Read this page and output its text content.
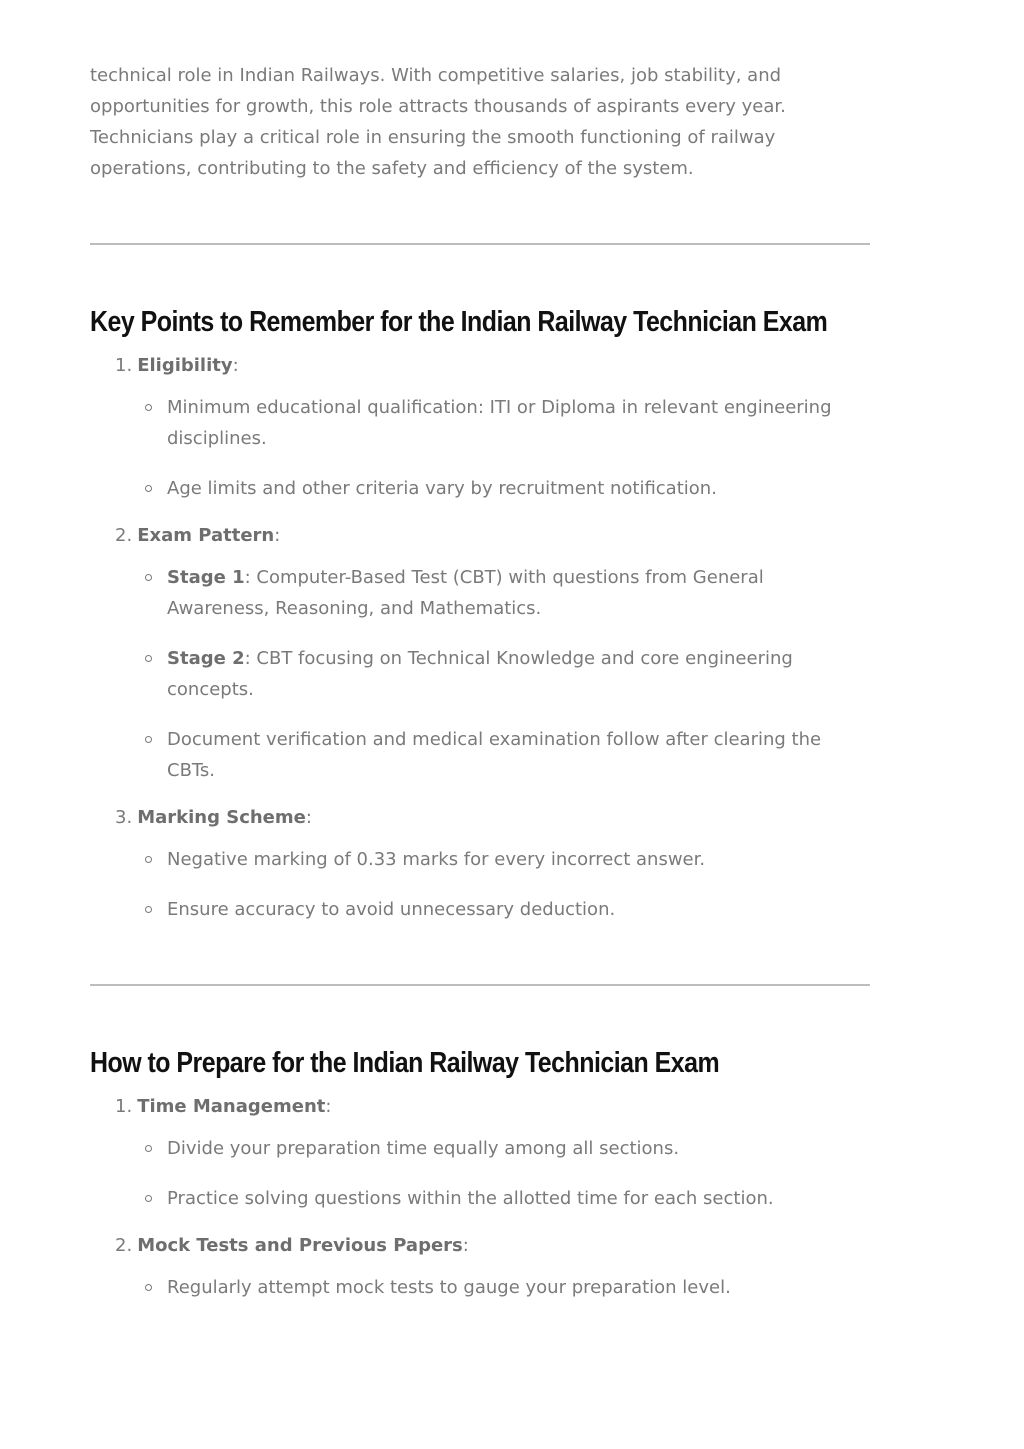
technical role in Indian Railways. With competitive salaries, job stability, and opportunities for growth, this role attracts thousands of aspirants every year. Technicians play a critical role in ensuring the smooth functioning of railway operations, contributing to the safety and efficiency of the system.

Key Points to Remember for the Indian Railway Technician Exam
1. Eligibility:
Minimum educational qualification: ITI or Diploma in relevant engineering disciplines.
Age limits and other criteria vary by recruitment notification.
2. Exam Pattern:
Stage 1: Computer-Based Test (CBT) with questions from General Awareness, Reasoning, and Mathematics.
Stage 2: CBT focusing on Technical Knowledge and core engineering concepts.
Document verification and medical examination follow after clearing the CBTs.
3. Marking Scheme:
Negative marking of 0.33 marks for every incorrect answer.
Ensure accuracy to avoid unnecessary deduction.
How to Prepare for the Indian Railway Technician Exam
1. Time Management:
Divide your preparation time equally among all sections.
Practice solving questions within the allotted time for each section.
2. Mock Tests and Previous Papers:
Regularly attempt mock tests to gauge your preparation level.
